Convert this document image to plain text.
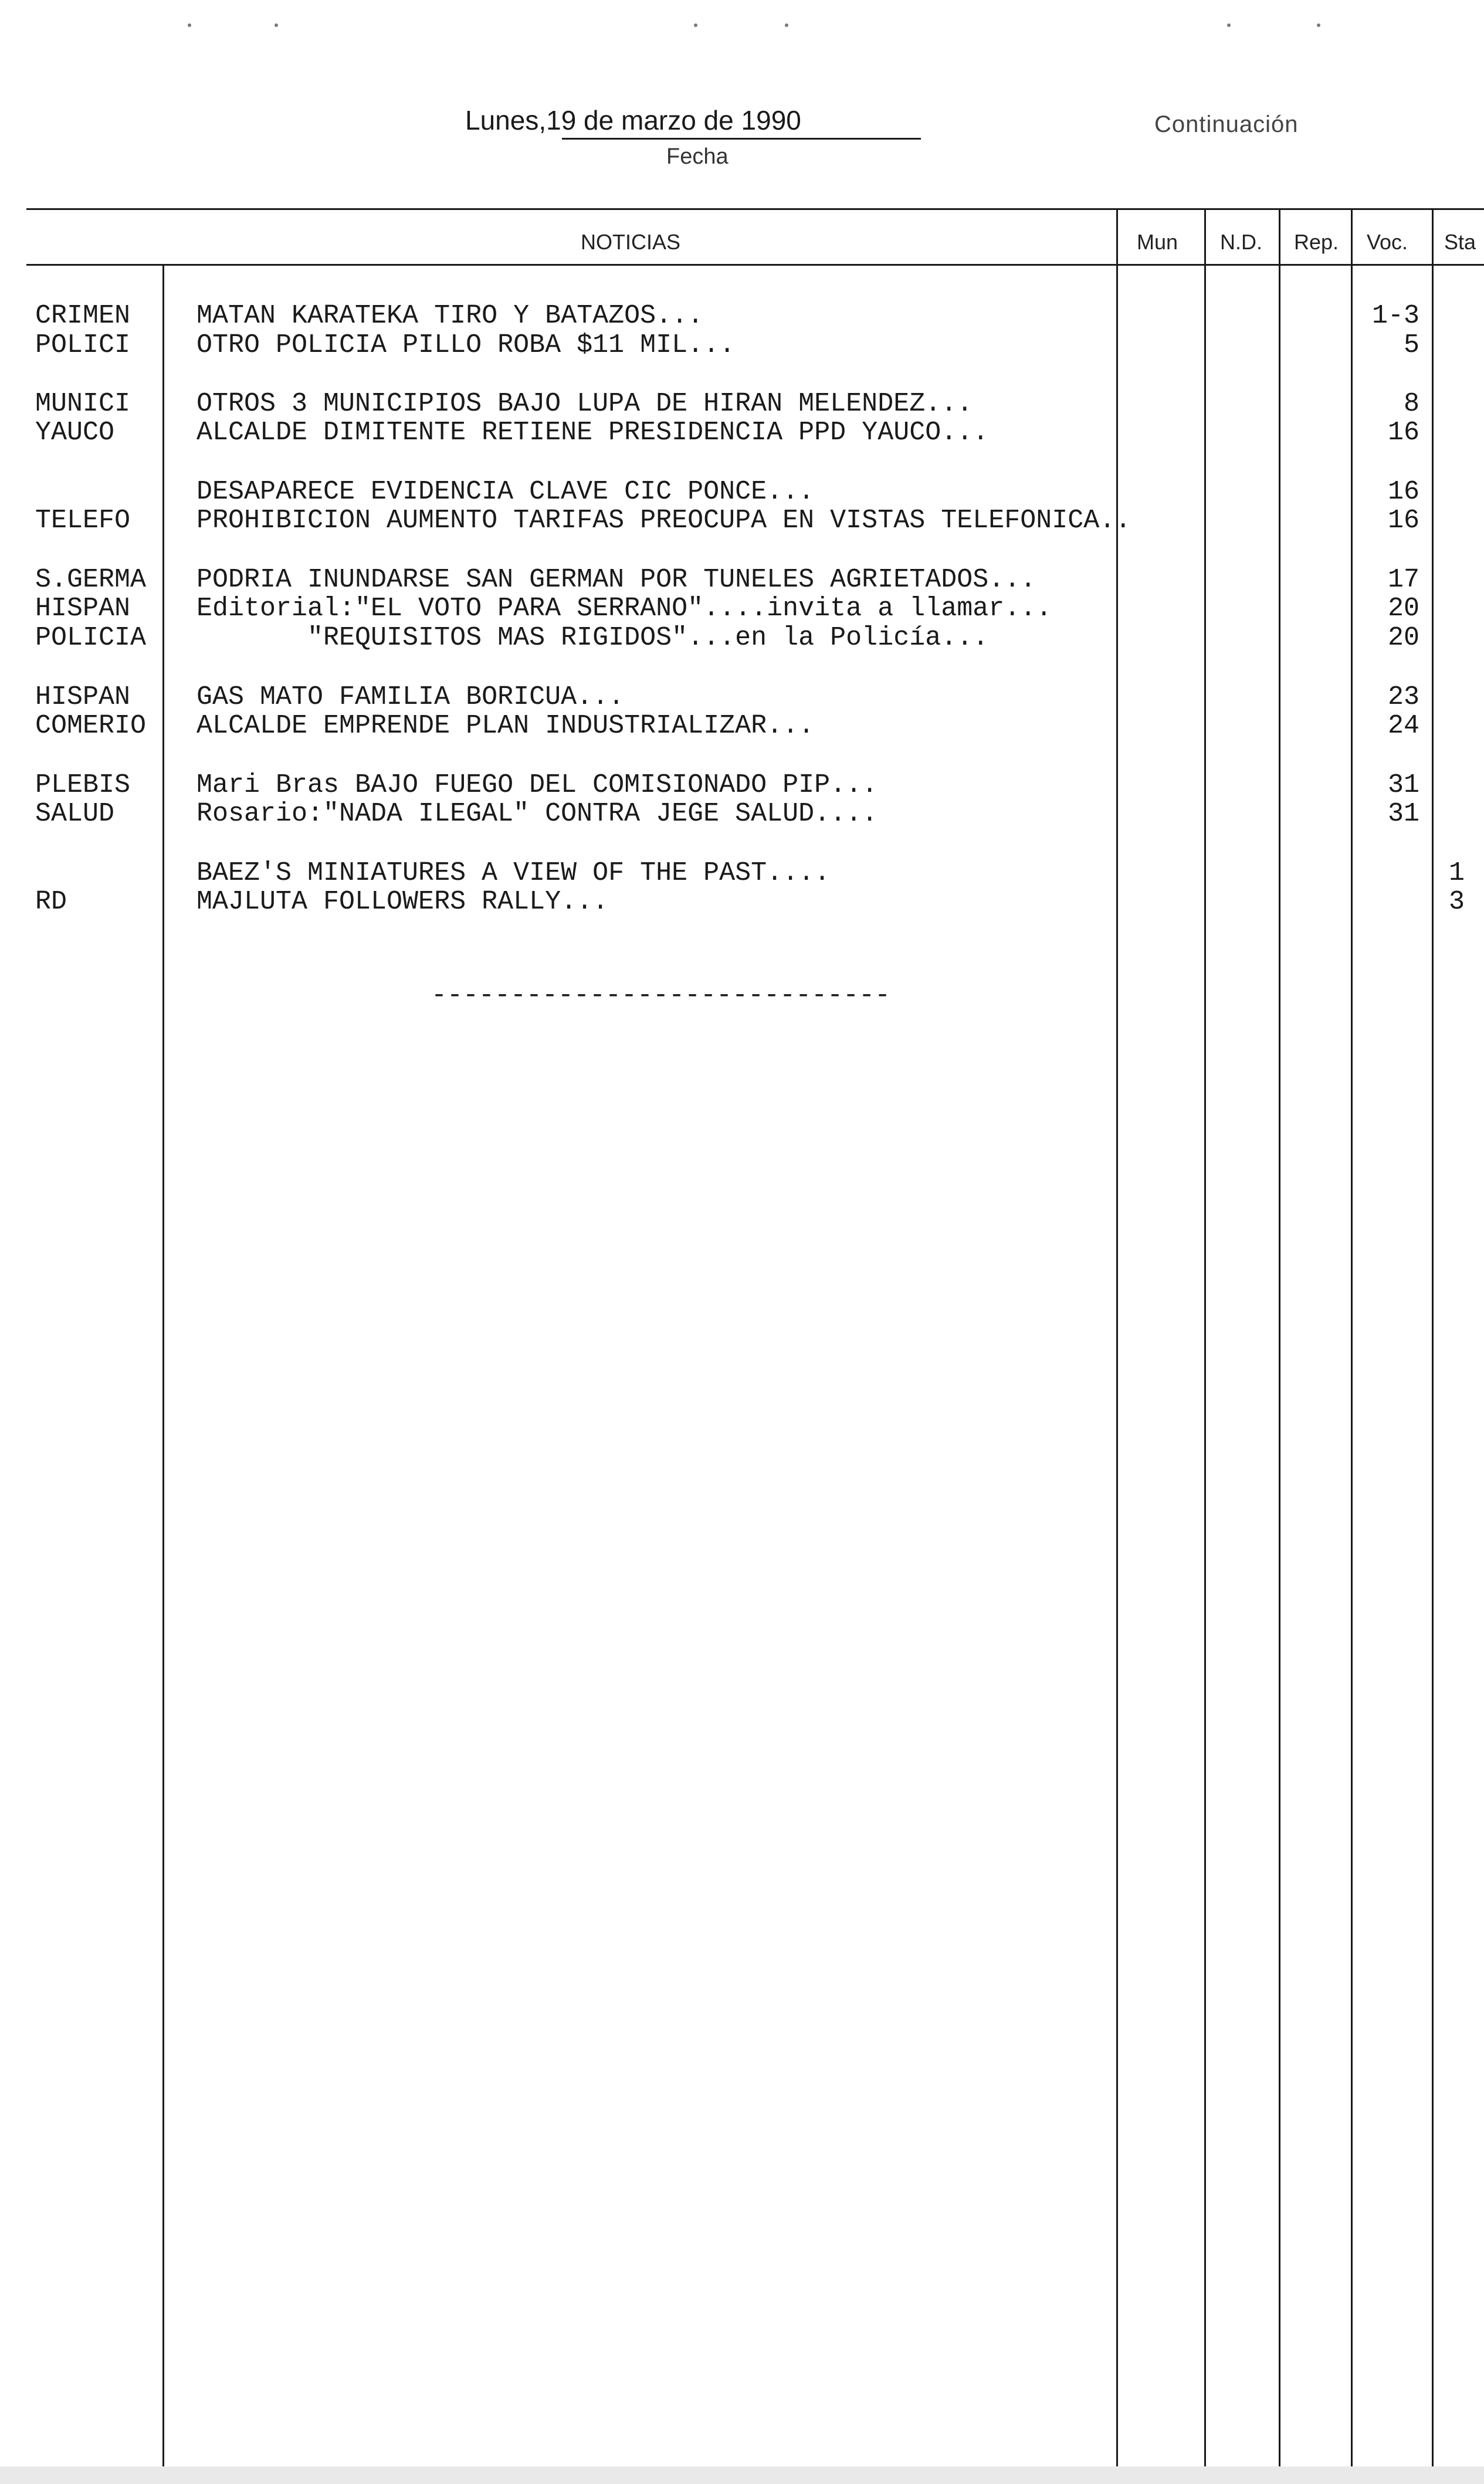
Lunes,19 de marzo de 1990
Fecha
Continuación
NOTICIAS	Mun N.D. Rep. Voc. Sta
CRIMEN	MATAN KARATEKA TIRO Y BATAZOS...	1-3
POLICI	OTRO POLICIA PILLO ROBA $11 MIL...	5
MUNICI	OTROS 3 MUNICIPIOS BAJO LUPA DE HIRAN MELENDEZ...	8
YAUCO	ALCALDE DIMITENTE RETIENE PRESIDENCIA PPD YAUCO...	16
DESAPARECE EVIDENCIA CLAVE CIC PONCE...	16
TELEFO	PROHIBICION AUMENTO TARIFAS PREOCUPA EN VISTAS TELEFONICA..	16
S.GERMA PODRIA INUNDARSE SAN GERMAN POR TUNELES AGRIETADOS...	17
HISPAN	Editorial:"EL VOTO PARA SERRANO"....invita a llamar...	20
POLICIA "REQUISITOS MAS RIGIDOS"...en la Policía...	20
HISPAN	GAS MATO FAMILIA BORICUA...	23
COMERIO ALCALDE EMPRENDE PLAN INDUSTRIALIZAR...	24
PLEBIS	Mari Bras BAJO FUEGO DEL COMISIONADO PIP...	31
SALUD	Rosario:"NADA ILEGAL" CONTRA JEGE SALUD....	31
BAEZ'S MINIATURES A VIEW OF THE PAST....	1
RD	MAJLUTA FOLLOWERS RALLY...	3
-----------------------------
